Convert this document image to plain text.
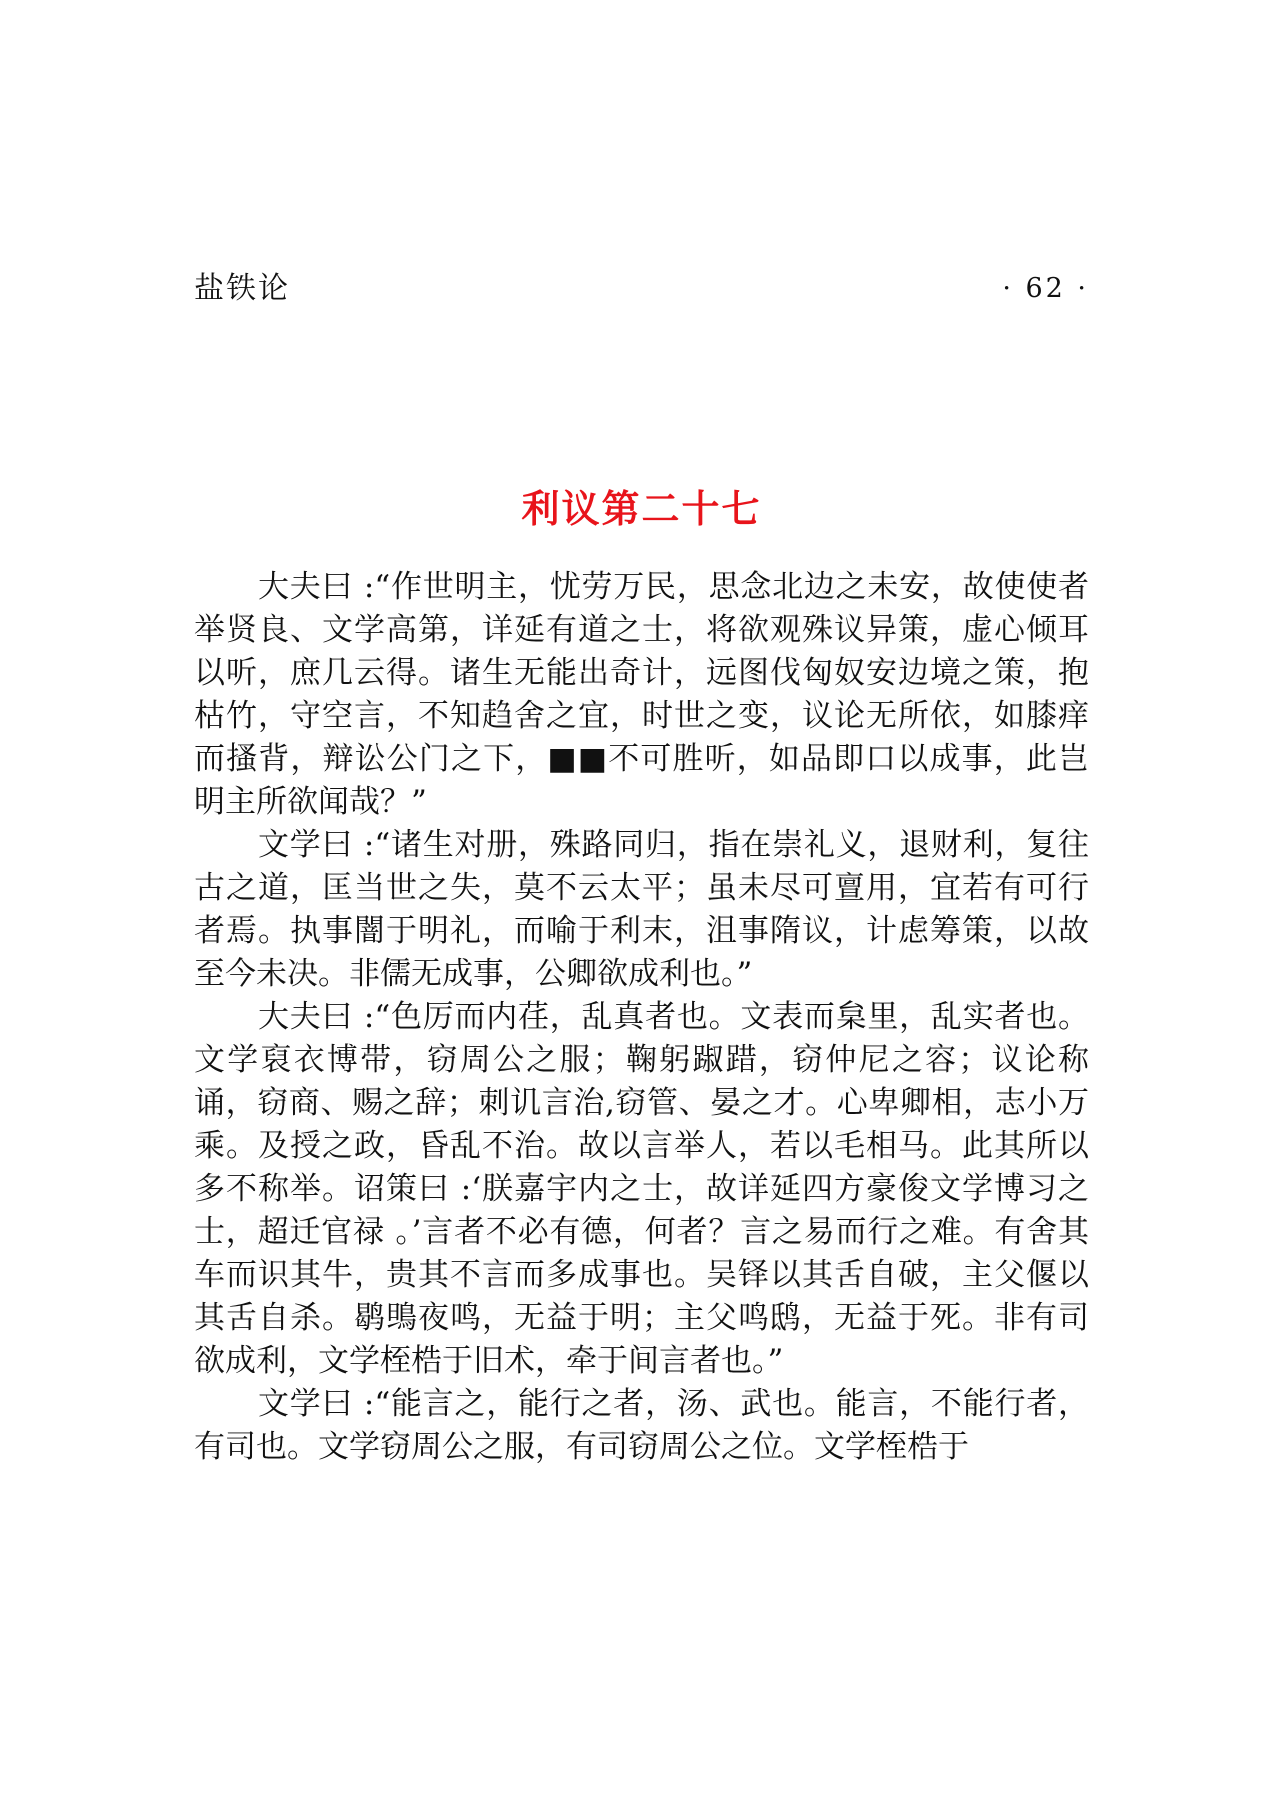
盐铁论	· 62 ·
利议第二十七

大夫曰 :“作世明主，忧劳万民，思念北边之未安，故使使者举贤良、文学高第，详延有道之士，将欲观殊议异策，虚心倾耳以听，庶几云得。诸生无能出奇计，远图伐匈奴安边境之策，抱枯竹，守空言，不知趋舍之宜，时世之变，议论无所依，如膝痒而搔背，辩讼公门之下，■■不可胜听，如品即口以成事，此岂明主所欲闻哉？”

文学曰 :“诸生对册，殊路同归，指在崇礼义，退财利，复往古之道，匡当世之失，莫不云太平；虽未尽可亶用，宜若有可行者焉。执事闇于明礼，而喻于利末，沮事隋议，计虑筹策，以故至今未决。非儒无成事，公卿欲成利也。”

大夫曰 :“色厉而内荏，乱真者也。文表而枲里，乱实者也。文学裒衣博带，窃周公之服；鞠躬踧踖，窃仲尼之容；议论称诵，窃商、赐之辞；刺讥言治,窃管、晏之才。心卑卿相，志小万乘。及授之政，昏乱不治。故以言举人，若以毛相马。此其所以多不称举。诏策曰 :‘朕嘉宇内之士，故详延四方豪俊文学博习之士，超迁官禄 。’言者不必有德，何者？言之易而行之难。有舍其车而识其牛，贵其不言而多成事也。吴铎以其舌自破，主父偃以其舌自杀。鹖鴠夜鸣，无益于明；主父鸣鸱，无益于死。非有司欲成利，文学桎梏于旧术，牵于间言者也。”

文学曰 :“能言之，能行之者，汤、武也。能言，不能行者，有司也。文学窃周公之服，有司窃周公之位。文学桎梏于
